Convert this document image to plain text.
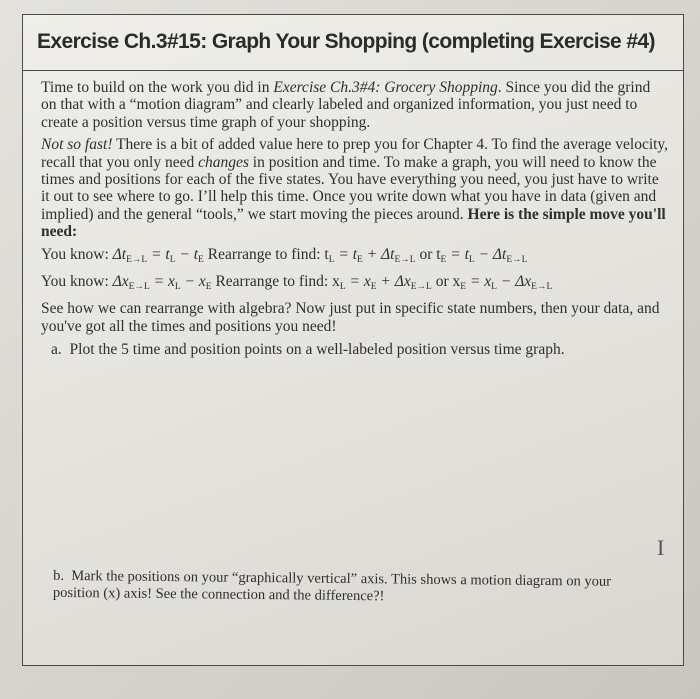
Exercise Ch.3#15: Graph Your Shopping (completing Exercise #4)

Time to build on the work you did in Exercise Ch.3#4: Grocery Shopping. Since you did the grind on that with a “motion diagram” and clearly labeled and organized information, you just need to create a position versus time graph of your shopping.

Not so fast! There is a bit of added value here to prep you for Chapter 4. To find the average velocity, recall that you only need changes in position and time. To make a graph, you will need to know the times and positions for each of the five states. You have everything you need, you just have to write it out to see where to go. I’ll help this time. Once you write down what you have in data (given and implied) and the general “tools,” we start moving the pieces around. Here is the simple move you'll need:

You know: $\Delta t_{E\to L} = t_L - t_E$ Rearrange to find: $t_L = t_E + \Delta t_{E\to L}$ or $t_E = t_L - \Delta t_{E\to L}$
You know: $\Delta x_{E\to L} = x_L - x_E$ Rearrange to find: $x_L = x_E + \Delta x_{E\to L}$ or $x_E = x_L - \Delta x_{E\to L}$

See how we can rearrange with algebra? Now just put in specific state numbers, then your data, and you've got all the times and positions you need!

a. Plot the 5 time and position points on a well-labeled position versus time graph.
I
b. Mark the positions on your “graphically vertical” axis. This shows a motion diagram on your position (x) axis! See the connection and the difference?!
